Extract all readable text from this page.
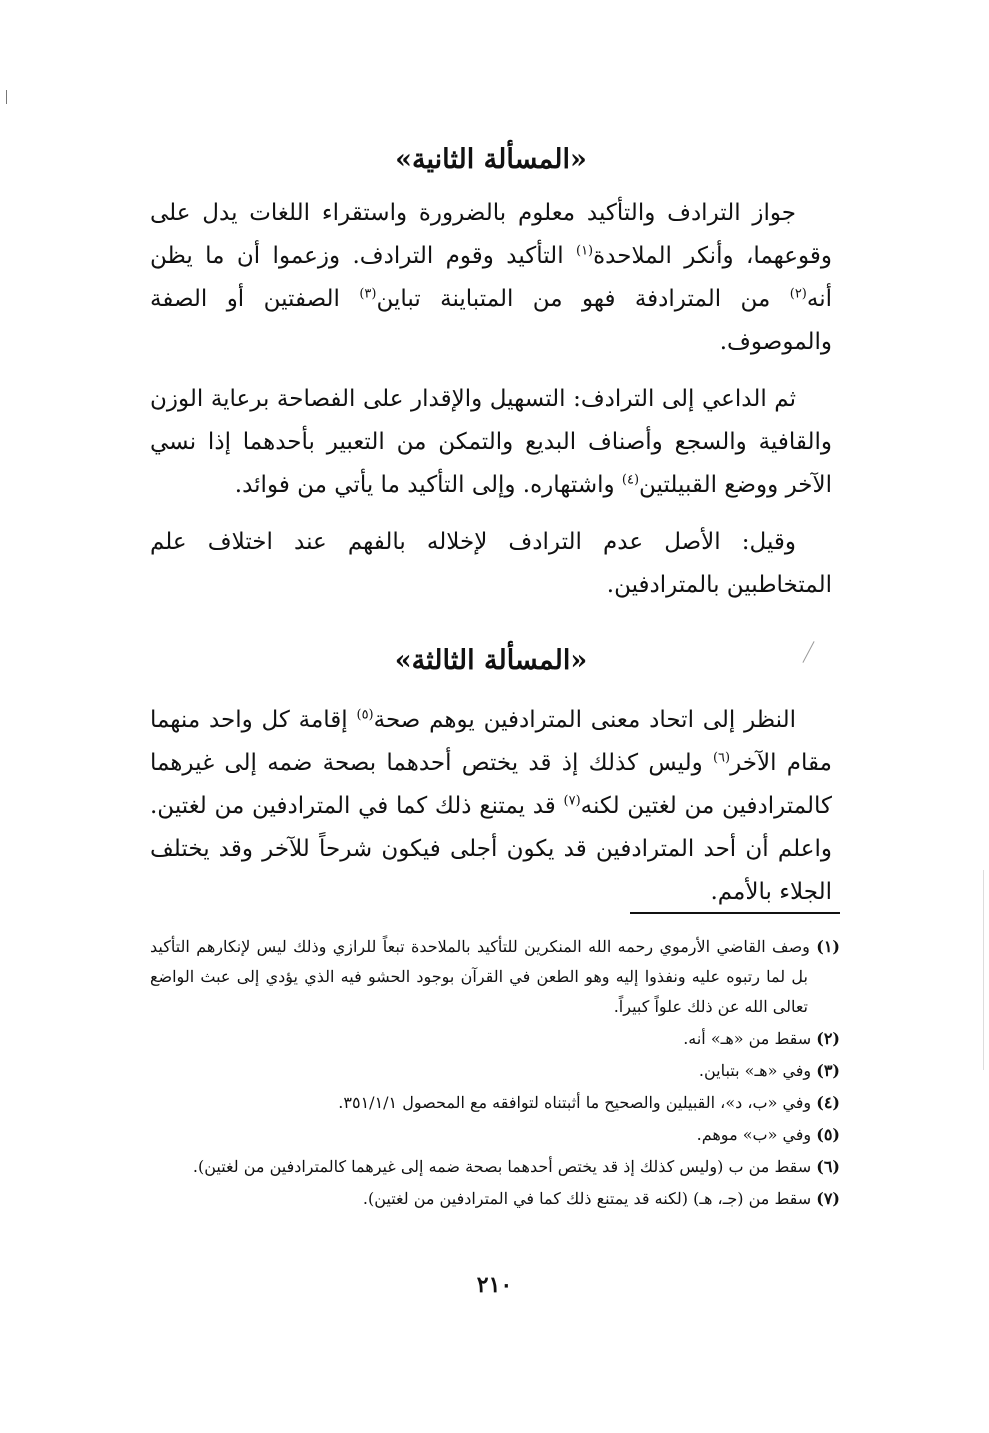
«المسألة الثانية»

جواز الترادف والتأكيد معلوم بالضرورة واستقراء اللغات يدل على وقوعهما، وأنكر الملاحدة$^{(١)}$ التأكيد وقوم الترادف. وزعموا أن ما يظن أنه$^{(٢)}$ من المترادفة فهو من المتباينة تباين$^{(٣)}$ الصفتين أو الصفة والموصوف.

ثم الداعي إلى الترادف: التسهيل والإقدار على الفصاحة برعاية الوزن والقافية والسجع وأصناف البديع والتمكن من التعبير بأحدهما إذا نسي الآخر ووضع القبيلتين$^{(٤)}$ واشتهاره. وإلى التأكيد ما يأتي من فوائد.

وقيل: الأصل عدم الترادف لإخلاله بالفهم عند اختلاف علم المتخاطبين بالمترادفين.

«المسألة الثالثة»

النظر إلى اتحاد معنى المترادفين يوهم صحة$^{(٥)}$ إقامة كل واحد منهما مقام الآخر$^{(٦)}$ وليس كذلك إذ قد يختص أحدهما بصحة ضمه إلى غيرهما كالمترادفين من لغتين لكنه$^{(٧)}$ قد يمتنع ذلك كما في المترادفين من لغتين. واعلم أن أحد المترادفين قد يكون أجلى فيكون شرحاً للآخر وقد يختلف الجلاء بالأمم.

(١) وصف القاضي الأرموي رحمه الله المنكرين للتأكيد بالملاحدة تبعاً للرازي وذلك ليس لإنكارهم التأكيد بل لما رتبوه عليه ونفذوا إليه وهو الطعن في القرآن بوجود الحشو فيه الذي يؤدي إلى عبث الواضع تعالى الله عن ذلك علواً كبيراً.

(٢) سقط من «هـ» أنه.

(٣) وفي «هـ» بتباين.

(٤) وفي «ب، د»، القبيلين والصحيح ما أثبتناه لتوافقه مع المحصول ٣٥١/١/١.

(٥) وفي «ب» موهم.

(٦) سقط من ب (وليس كذلك إذ قد يختص أحدهما بصحة ضمه إلى غيرهما كالمترادفين من لغتين).

(٧) سقط من (جـ، هـ) (لكنه قد يمتنع ذلك كما في المترادفين من لغتين).

٢١٠
